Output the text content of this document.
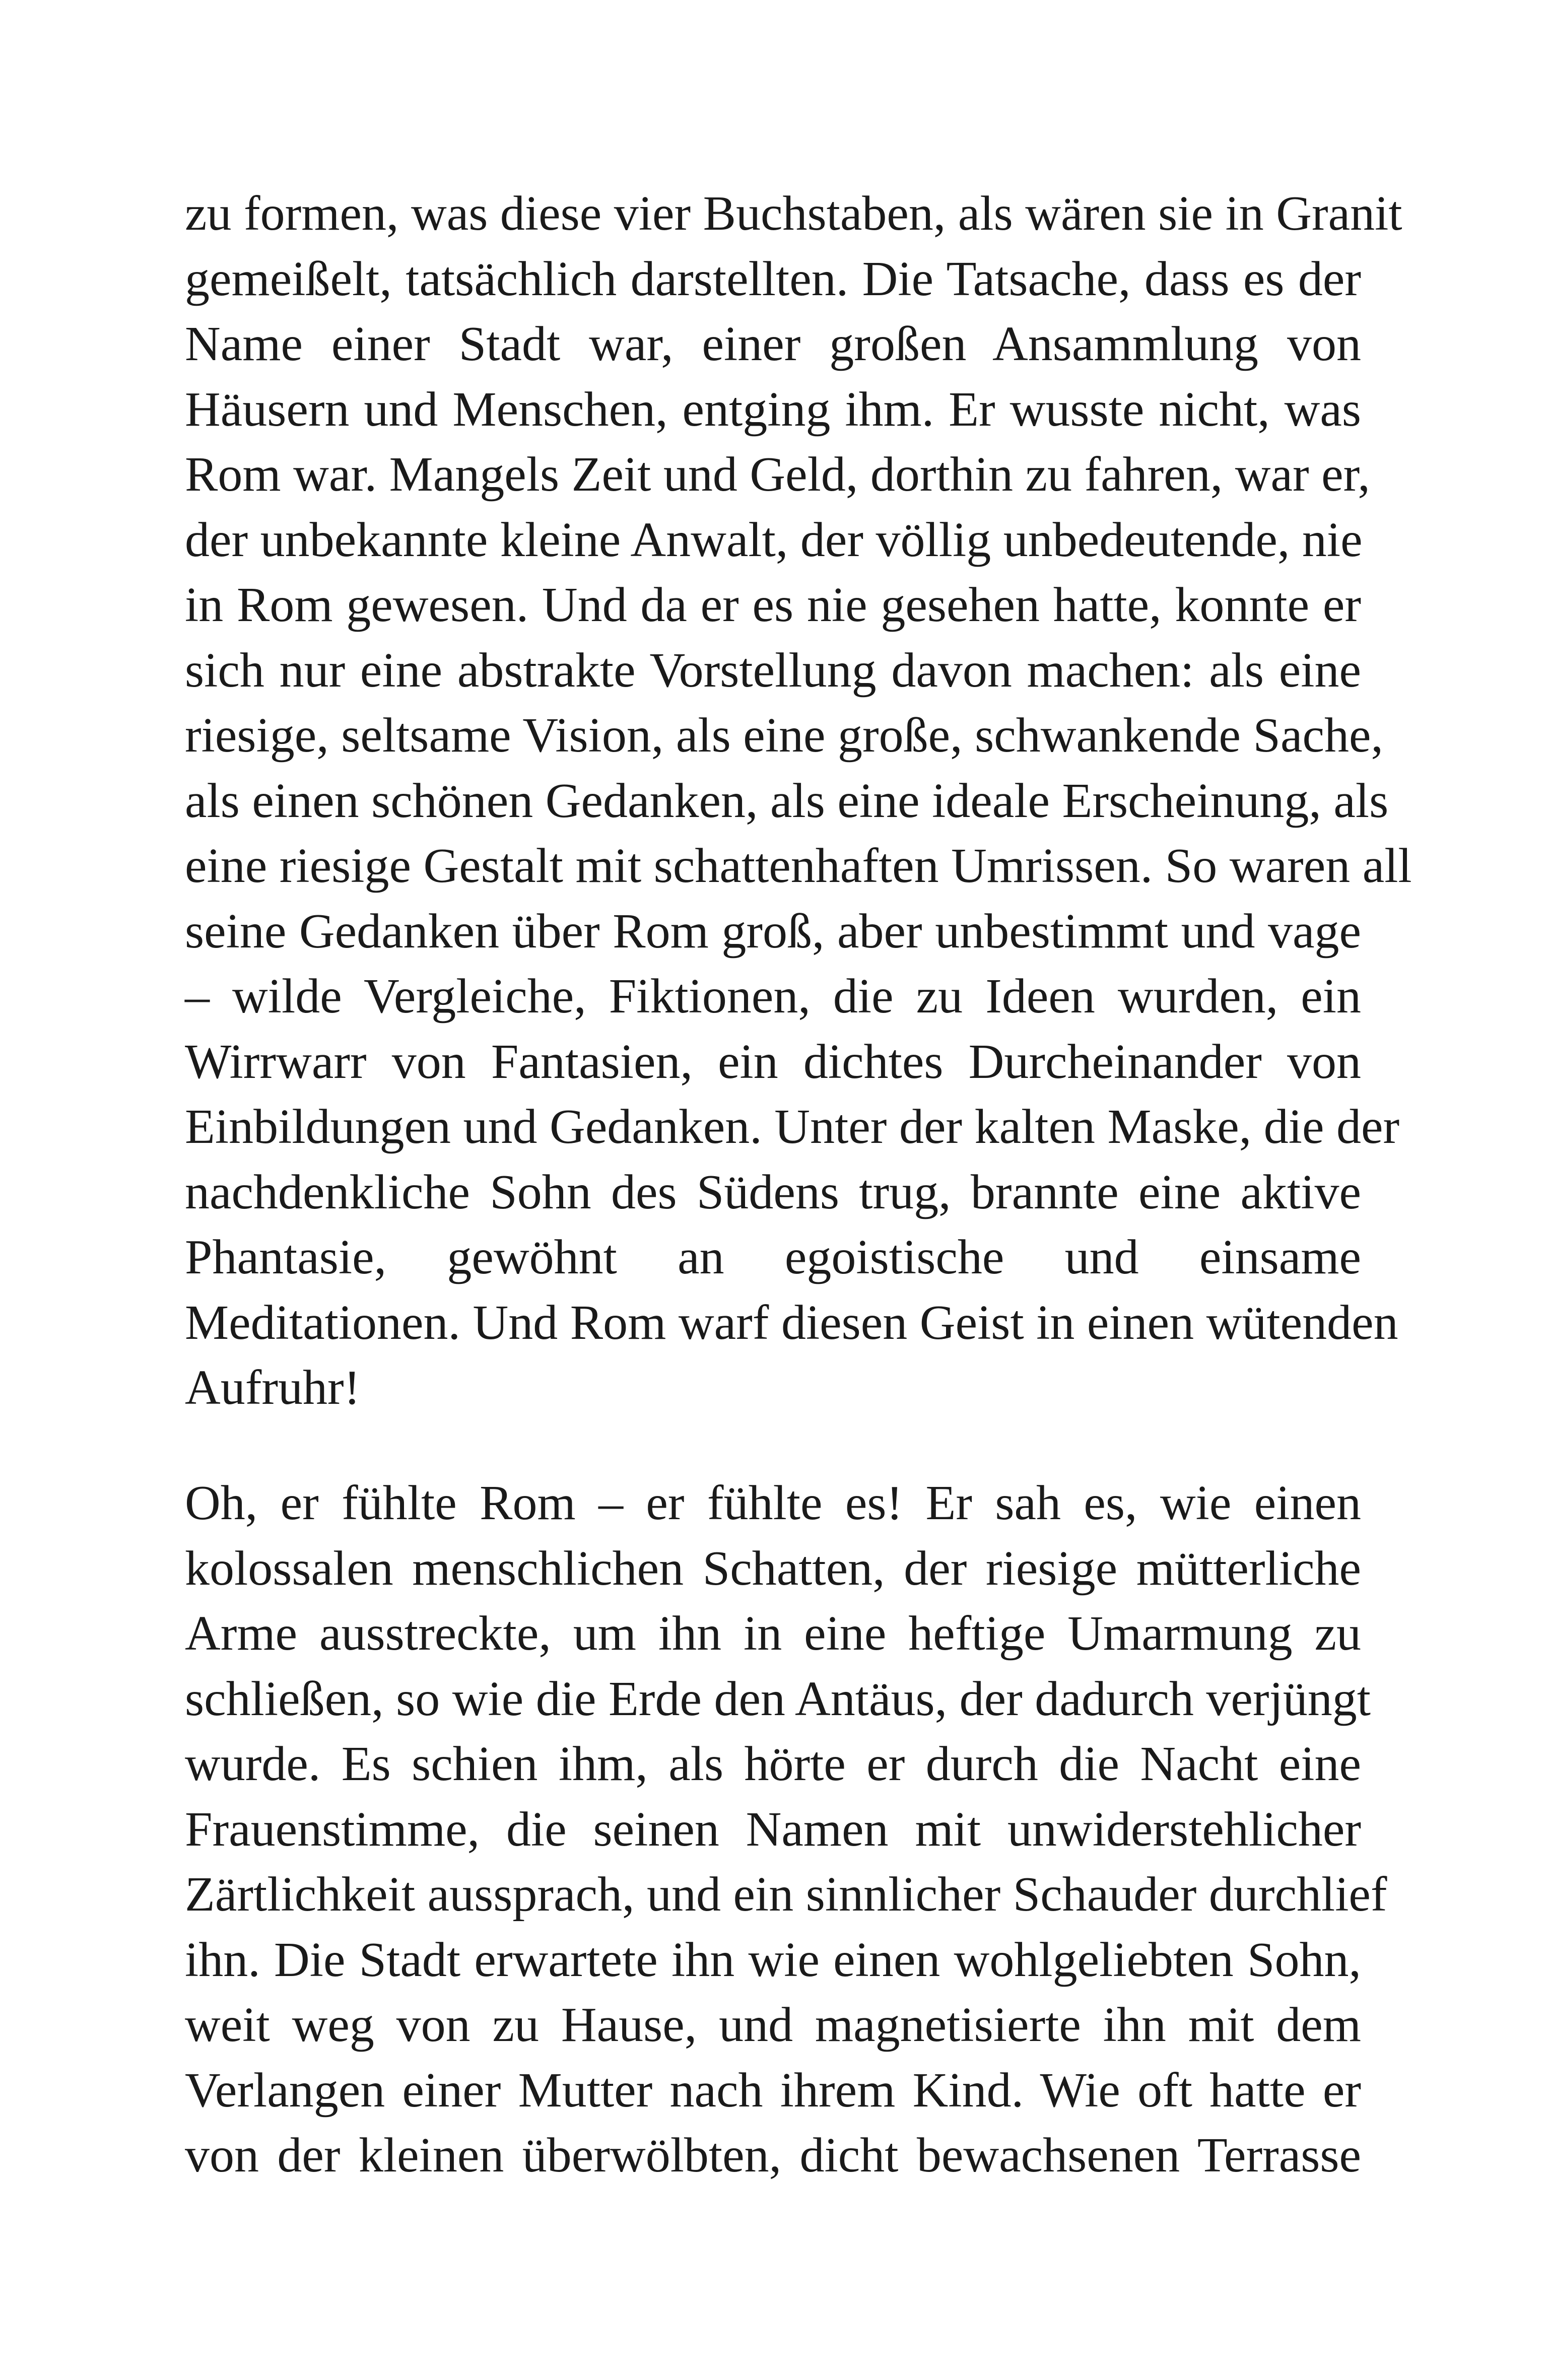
zu formen, was diese vier Buchstaben, als wären sie in Granit
gemeißelt, tatsächlich darstellten. Die Tatsache, dass es der
Name einer Stadt war, einer großen Ansammlung von
Häusern und Menschen, entging ihm. Er wusste nicht, was
Rom war. Mangels Zeit und Geld, dorthin zu fahren, war er,
der unbekannte kleine Anwalt, der völlig unbedeutende, nie
in Rom gewesen. Und da er es nie gesehen hatte, konnte er
sich nur eine abstrakte Vorstellung davon machen: als eine
riesige, seltsame Vision, als eine große, schwankende Sache,
als einen schönen Gedanken, als eine ideale Erscheinung, als
eine riesige Gestalt mit schattenhaften Umrissen. So waren all
seine Gedanken über Rom groß, aber unbestimmt und vage
– wilde Vergleiche, Fiktionen, die zu Ideen wurden, ein
Wirrwarr von Fantasien, ein dichtes Durcheinander von
Einbildungen und Gedanken. Unter der kalten Maske, die der
nachdenkliche Sohn des Südens trug, brannte eine aktive
Phantasie, gewöhnt an egoistische und einsame
Meditationen. Und Rom warf diesen Geist in einen wütenden
Aufruhr!
Oh, er fühlte Rom – er fühlte es! Er sah es, wie einen
kolossalen menschlichen Schatten, der riesige mütterliche
Arme ausstreckte, um ihn in eine heftige Umarmung zu
schließen, so wie die Erde den Antäus, der dadurch verjüngt
wurde. Es schien ihm, als hörte er durch die Nacht eine
Frauenstimme, die seinen Namen mit unwiderstehlicher
Zärtlichkeit aussprach, und ein sinnlicher Schauder durchlief
ihn. Die Stadt erwartete ihn wie einen wohlgeliebten Sohn,
weit weg von zu Hause, und magnetisierte ihn mit dem
Verlangen einer Mutter nach ihrem Kind. Wie oft hatte er
von der kleinen überwölbten, dicht bewachsenen Terrasse
